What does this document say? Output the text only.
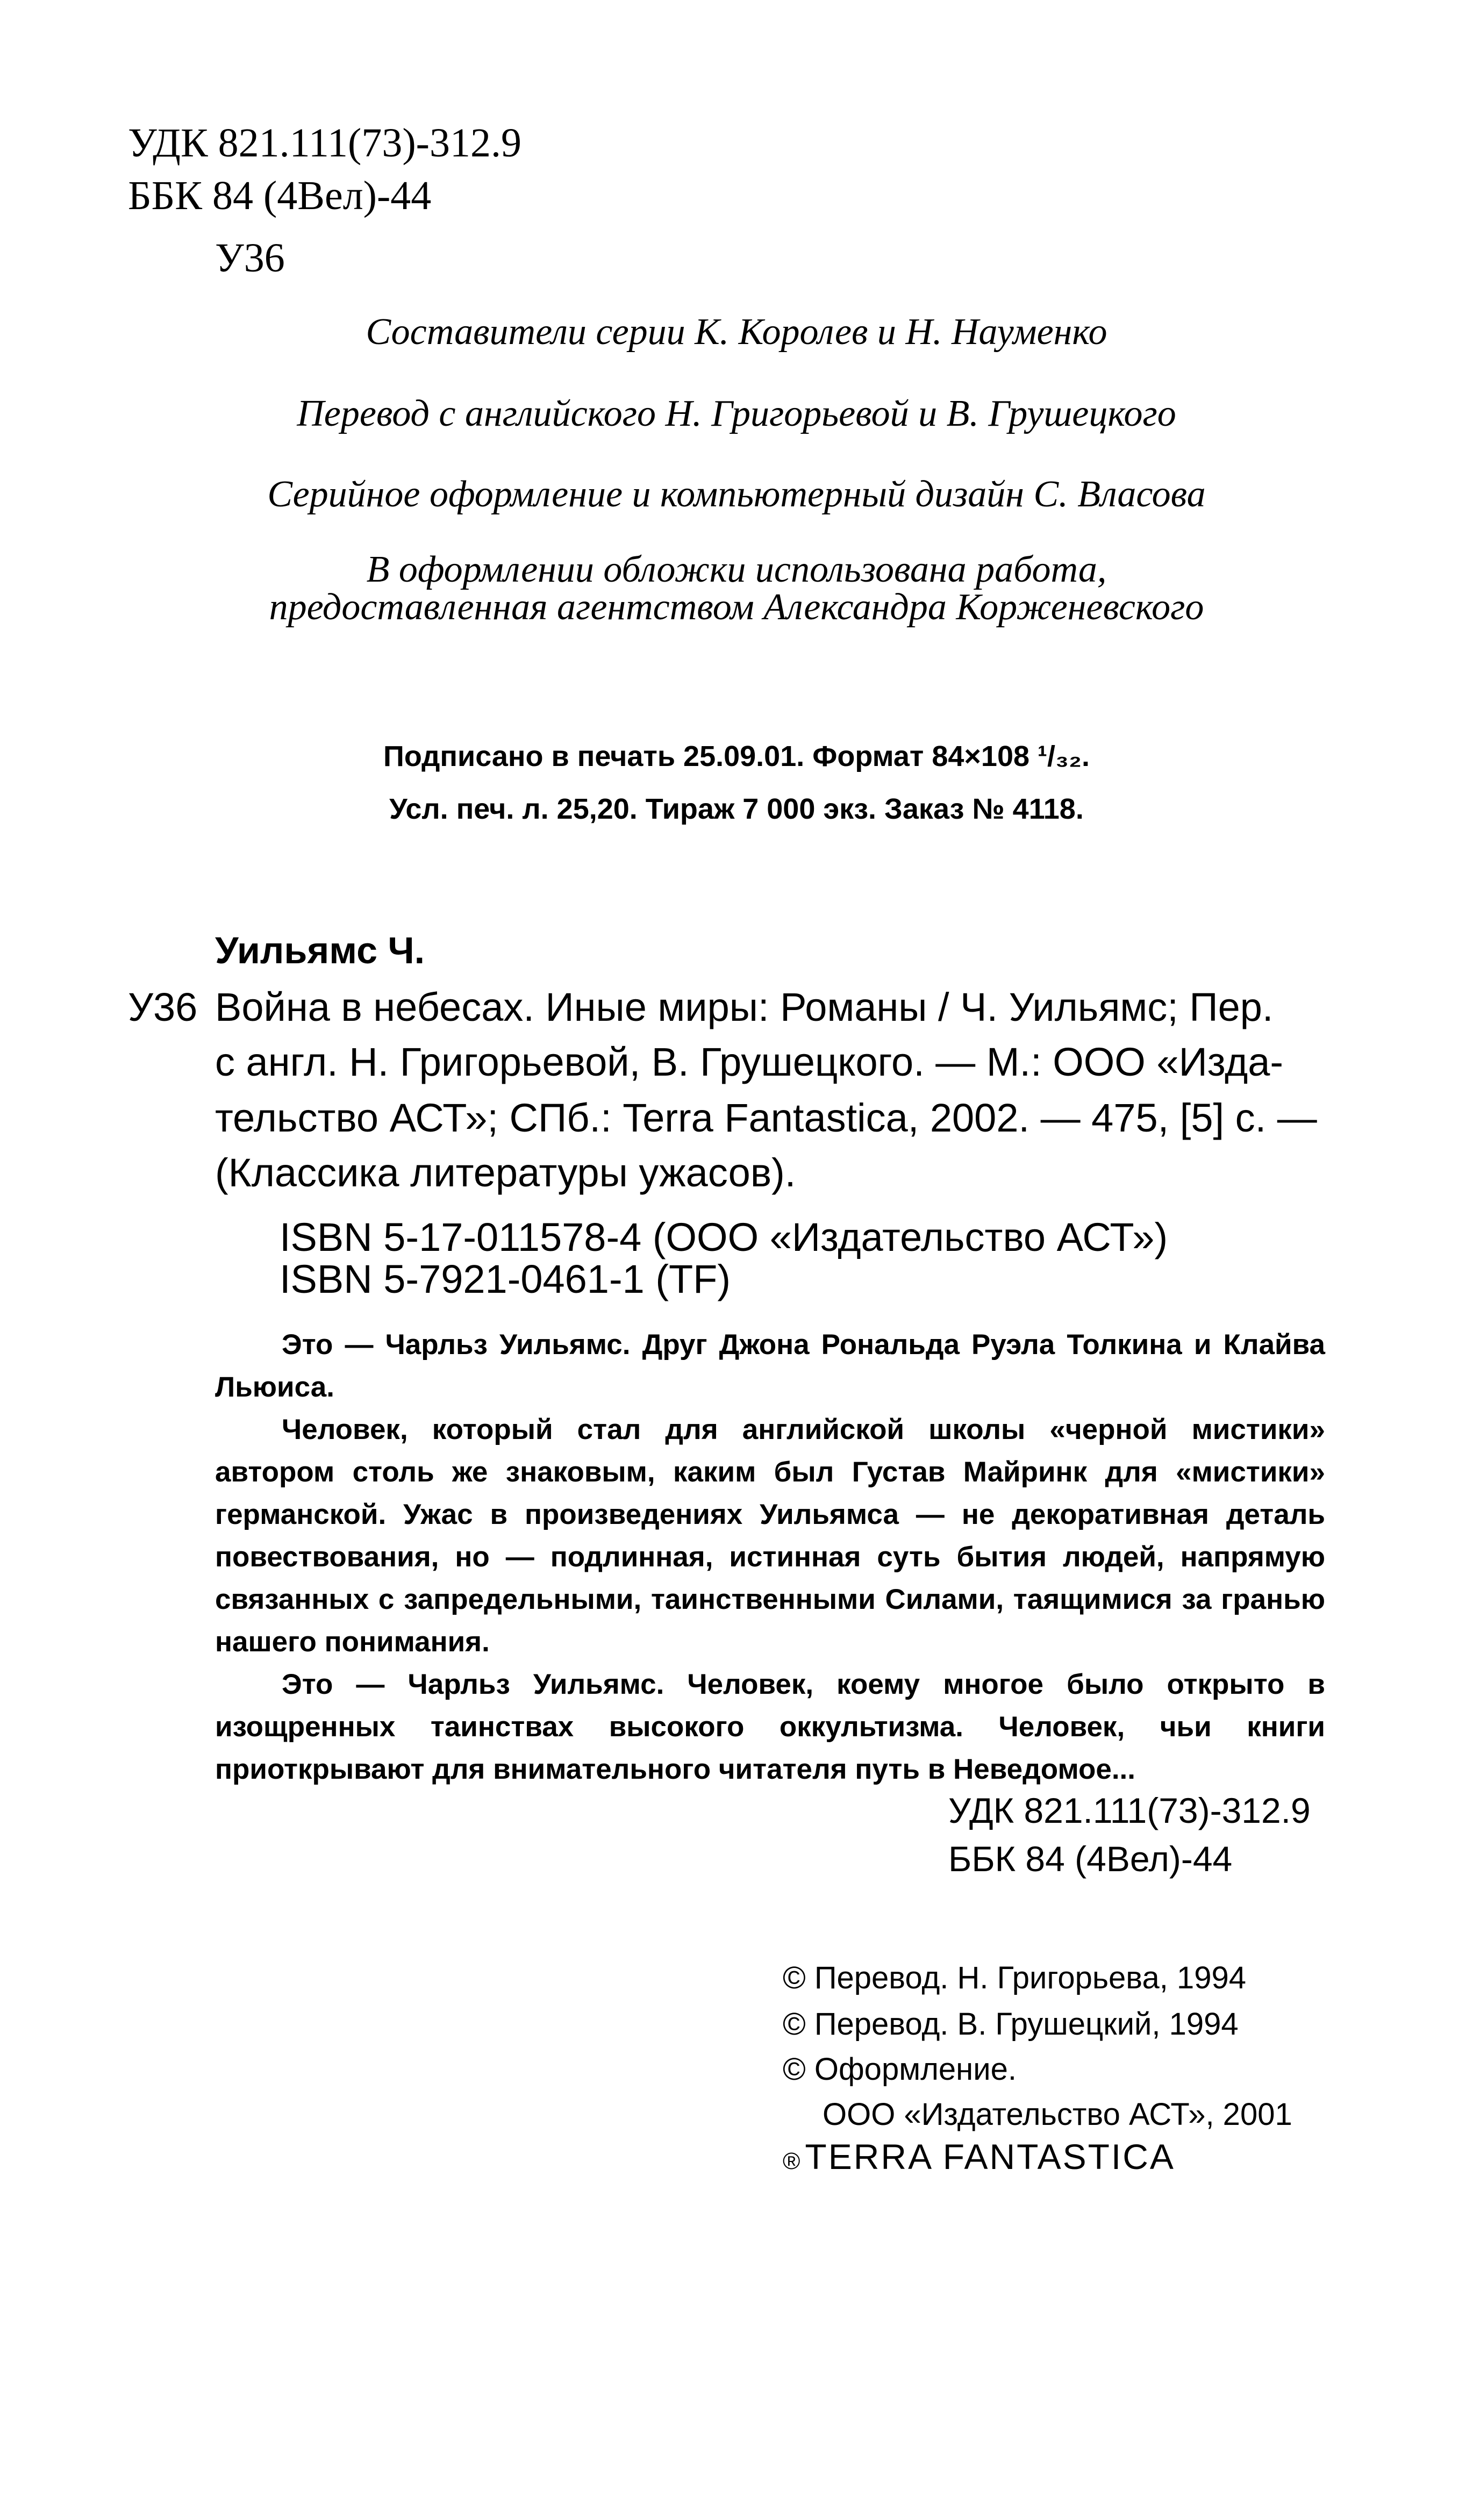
УДК 821.111(73)-312.9
ББК 84 (4Вел)-44
У36
Составители серии К. Королев и Н. Науменко
Перевод с английского Н. Григорьевой и В. Грушецкого
Серийное оформление и компьютерный дизайн С. Власова
В оформлении обложки использована работа,
предоставленная агентством Александра Корженевского
Подписано в печать 25.09.01. Формат 84×108 ¹/₃₂.
Усл. печ. л. 25,20. Тираж 7 000 экз. Заказ № 4118.
Уильямс Ч.
У36 Война в небесах. Иные миры: Романы / Ч. Уильямс; Пер.
с англ. Н. Григорьевой, В. Грушецкого. — М.: ООО «Изда-
тельство АСТ»; СПб.: Terra Fantastica, 2002. — 475, [5] с. —
(Классика литературы ужасов).
ISBN 5-17-011578-4 (ООО «Издательство АСТ»)
ISBN 5-7921-0461-1 (TF)
Это — Чарльз Уильямс. Друг Джона Рональда Руэла Толкина и Клайва Льюиса.
Человек, который стал для английской школы «черной мистики» автором столь же знаковым, каким был Густав Майринк для «мистики» германской. Ужас в произведениях Уильямса — не декоративная деталь повествования, но — подлинная, истинная суть бытия людей, напрямую связанных с запредельными, таинственными Силами, таящимися за гранью нашего понимания.
Это — Чарльз Уильямс. Человек, коему многое было открыто в изощренных таинствах высокого оккультизма. Человек, чьи книги приоткрывают для внимательного читателя путь в Неведомое...
УДК 821.111(73)-312.9
ББК 84 (4Вел)-44
© Перевод. Н. Григорьева, 1994
© Перевод. В. Грушецкий, 1994
© Оформление.
ООО «Издательство АСТ», 2001
® TERRA FANTASTICA
